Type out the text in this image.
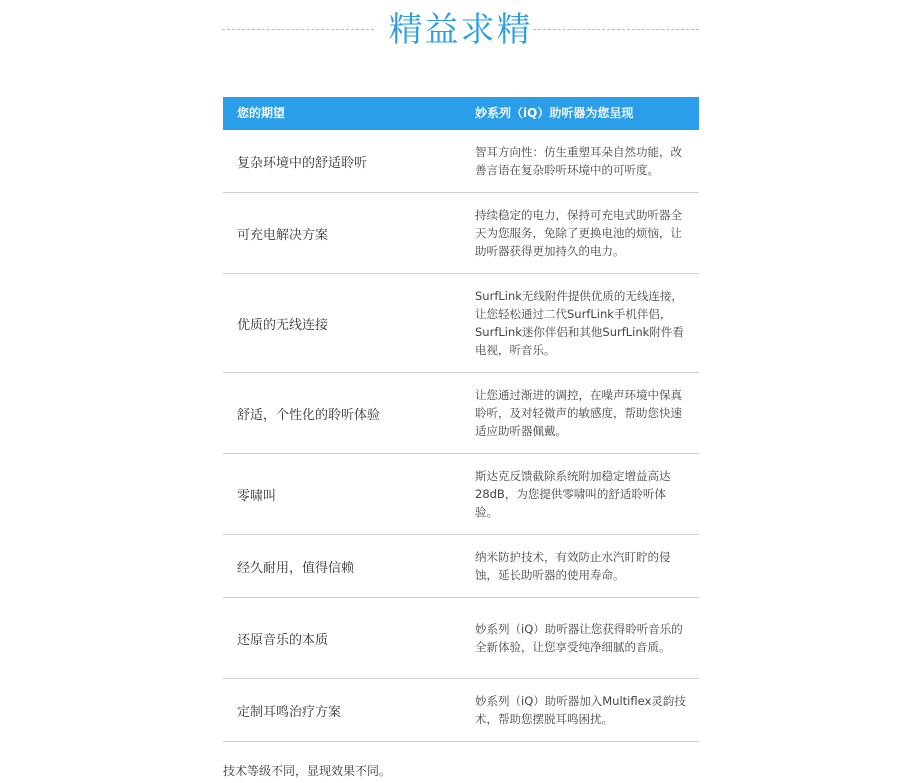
精益求精
您的期望	妙系列（iQ）助听器为您呈现
复杂环境中的舒适聆听
智耳方向性：仿生重塑耳朵自然功能，改善言语在复杂聆听环境中的可听度。
可充电解决方案
持续稳定的电力，保持可充电式助听器全天为您服务，免除了更换电池的烦恼，让助听器获得更加持久的电力。
优质的无线连接
SurfLink无线附件提供优质的无线连接，让您轻松通过二代SurfLink手机伴侣，SurfLink迷你伴侣和其他SurfLink附件看电视，听音乐。
舒适，个性化的聆听体验
让您通过渐进的调控，在噪声环境中保真聆听，及对轻微声的敏感度，帮助您快速适应助听器佩戴。
零啸叫
斯达克反馈截除系统附加稳定增益高达28dB，为您提供零啸叫的舒适聆听体验。
经久耐用，值得信赖
纳米防护技术，有效防止水汽盯貯的侵蚀，延长助听器的使用寿命。
还原音乐的本质
妙系列（iQ）助听器让您获得聆听音乐的全新体验，让您享受纯净细腻的音质。
定制耳鸣治疗方案
妙系列（iQ）助听器加入Multiflex灵韵技术，帮助您摆脱耳鸣困扰。
技术等级不同，显现效果不同。
